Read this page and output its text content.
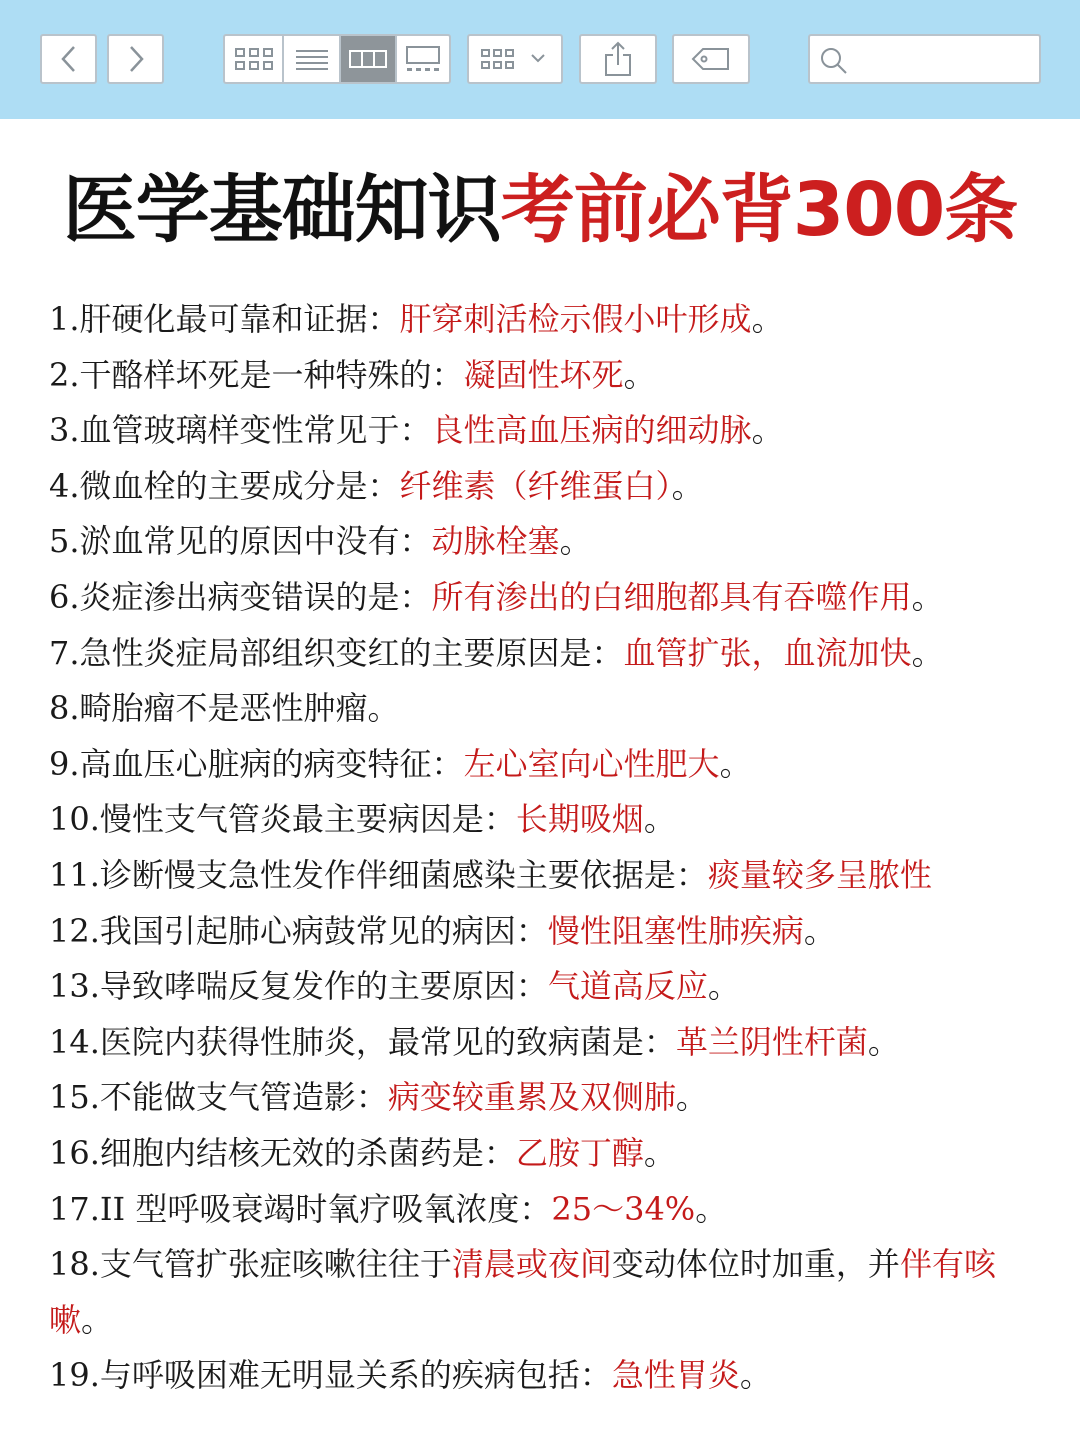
医学基础知识考前必背300条
1.肝硬化最可靠和证据：肝穿刺活检示假小叶形成。
2.干酪样坏死是一种特殊的：凝固性坏死。
3.血管玻璃样变性常见于：良性高血压病的细动脉。
4.微血栓的主要成分是：纤维素（纤维蛋白）。
5.淤血常见的原因中没有：动脉栓塞。
6.炎症渗出病变错误的是：所有渗出的白细胞都具有吞噬作用。
7.急性炎症局部组织变红的主要原因是：血管扩张，血流加快。
8.畸胎瘤不是恶性肿瘤。
9.高血压心脏病的病变特征：左心室向心性肥大。
10.慢性支气管炎最主要病因是：长期吸烟。
11.诊断慢支急性发作伴细菌感染主要依据是：痰量较多呈脓性
12.我国引起肺心病鼓常见的病因：慢性阻塞性肺疾病。
13.导致哮喘反复发作的主要原因：气道高反应。
14.医院内获得性肺炎，最常见的致病菌是：革兰阴性杆菌。
15.不能做支气管造影：病变较重累及双侧肺。
16.细胞内结核无效的杀菌药是：乙胺丁醇。
17.II 型呼吸衰竭时氧疗吸氧浓度：25～34%。
18.支气管扩张症咳嗽往往于清晨或夜间变动体位时加重，并伴有咳嗽。
19.与呼吸困难无明显关系的疾病包括：急性胃炎。
